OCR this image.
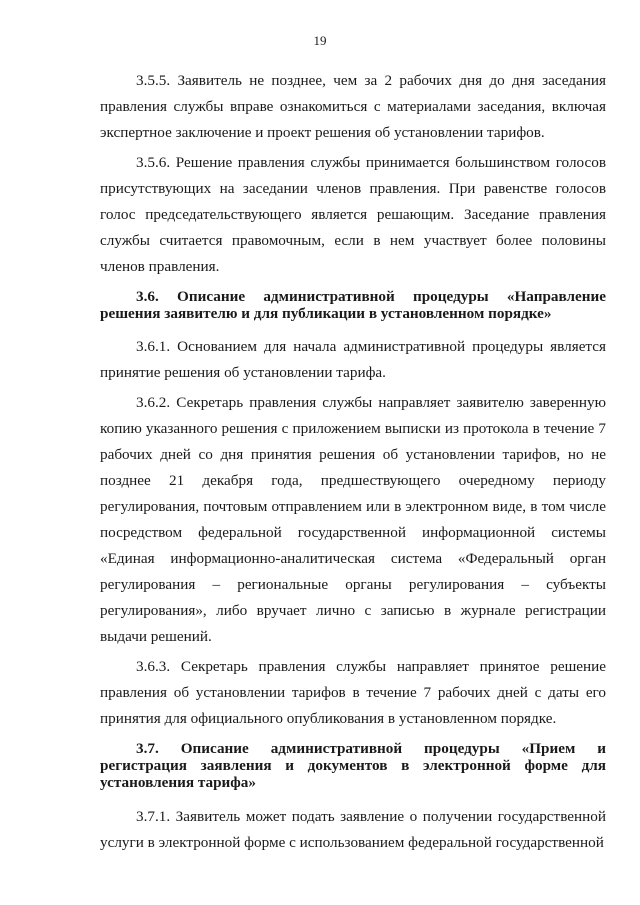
19

3.5.5. Заявитель не позднее, чем за 2 рабочих дня до дня заседания правления службы вправе ознакомиться с материалами заседания, включая экспертное заключение и проект решения об установлении тарифов.

3.5.6. Решение правления службы принимается большинством голосов присутствующих на заседании членов правления. При равенстве голосов голос председательствующего является решающим. Заседание правления службы считается правомочным, если в нем участвует более половины членов правления.

3.6. Описание административной процедуры «Направление решения заявителю и для публикации в установленном порядке»

3.6.1. Основанием для начала административной процедуры является принятие решения об установлении тарифа.

3.6.2. Секретарь правления службы направляет заявителю заверенную копию указанного решения с приложением выписки из протокола в течение 7 рабочих дней со дня принятия решения об установлении тарифов, но не позднее 21 декабря года, предшествующего очередному периоду регулирования, почтовым отправлением или в электронном виде, в том числе посредством федеральной государственной информационной системы «Единая информационно-аналитическая система «Федеральный орган регулирования – региональные органы регулирования – субъекты регулирования», либо вручает лично с записью в журнале регистрации выдачи решений.

3.6.3. Секретарь правления службы направляет принятое решение правления об установлении тарифов в течение 7 рабочих дней с даты его принятия для официального опубликования в установленном порядке.

3.7. Описание административной процедуры «Прием и регистрация заявления и документов в электронной форме для установления тарифа»

3.7.1. Заявитель может подать заявление о получении государственной услуги в электронной форме с использованием федеральной государственной
